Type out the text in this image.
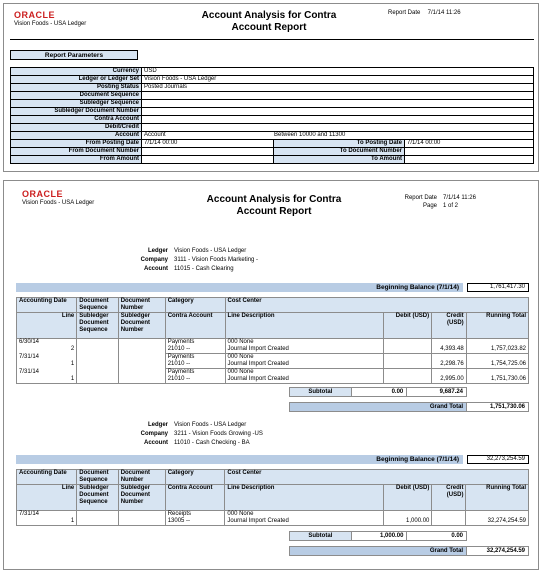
ORACLE
Vision Foods - USA Ledger
Account Analysis for Contra
Account Report
Report Date 7/1/14 11:26
Report Parameters
Currency	USD		
Ledger or Ledger Set	Vision Foods - USA Ledger		
Posting Status	Posted Journals		
Document Sequence			
Subledger Sequence			
Subledger Document Number			
Contra Account			
Debit/Credit			
Account	Account Between 10000 and 11300		
From Posting Date	7/1/14 00:00	To Posting Date	7/1/14 00:00
From Document Number		To Document Number	
From Amount		To Amount	
ORACLE
Vision Foods - USA Ledger	Account Analysis for Contra
Account Report
Report Date 7/1/14 11:26
Page 1 of 2
Ledger Vision Foods - USA Ledger
Company 3111 - Vision Foods Marketing -
Account 11015 - Cash Clearing
Beginning Balance (7/1/14)	1,761,417.30
Accounting Date	Document Sequence	Document Number	Category	Cost Center			
Line	Subledger Document Sequence	Subledger Document Number	Contra Account	Line Description	Debit (USD)	Credit (USD)	Running Total
6/30/14			Payments	000 None			
2			21010 --	Journal Import Created		4,393.48	1,757,023.82
7/31/14			Payments	000 None			
1			21010 --	Journal Import Created		2,298.76	1,754,725.06
7/31/14			Payments	000 None			
1			21010 --	Journal Import Created		2,995.00	1,751,730.06
Subtotal	0.00	9,687.24
Grand Total	1,751,730.06
Ledger Vision Foods - USA Ledger
Company 3211 - Vision Foods Growing -US
Account 11010 - Cash Checking - BA
Beginning Balance (7/1/14)	32,273,254.59
Accounting Date	Document Sequence	Document Number	Category	Cost Center			
Line	Subledger Document Sequence	Subledger Document Number	Contra Account	Line Description	Debit (USD)	Credit (USD)	Running Total
7/31/14			Receipts	000 None			
1			13005 --	Journal Import Created	1,000.00		32,274,254.59
Subtotal	1,000.00	0.00
Grand Total	32,274,254.59
